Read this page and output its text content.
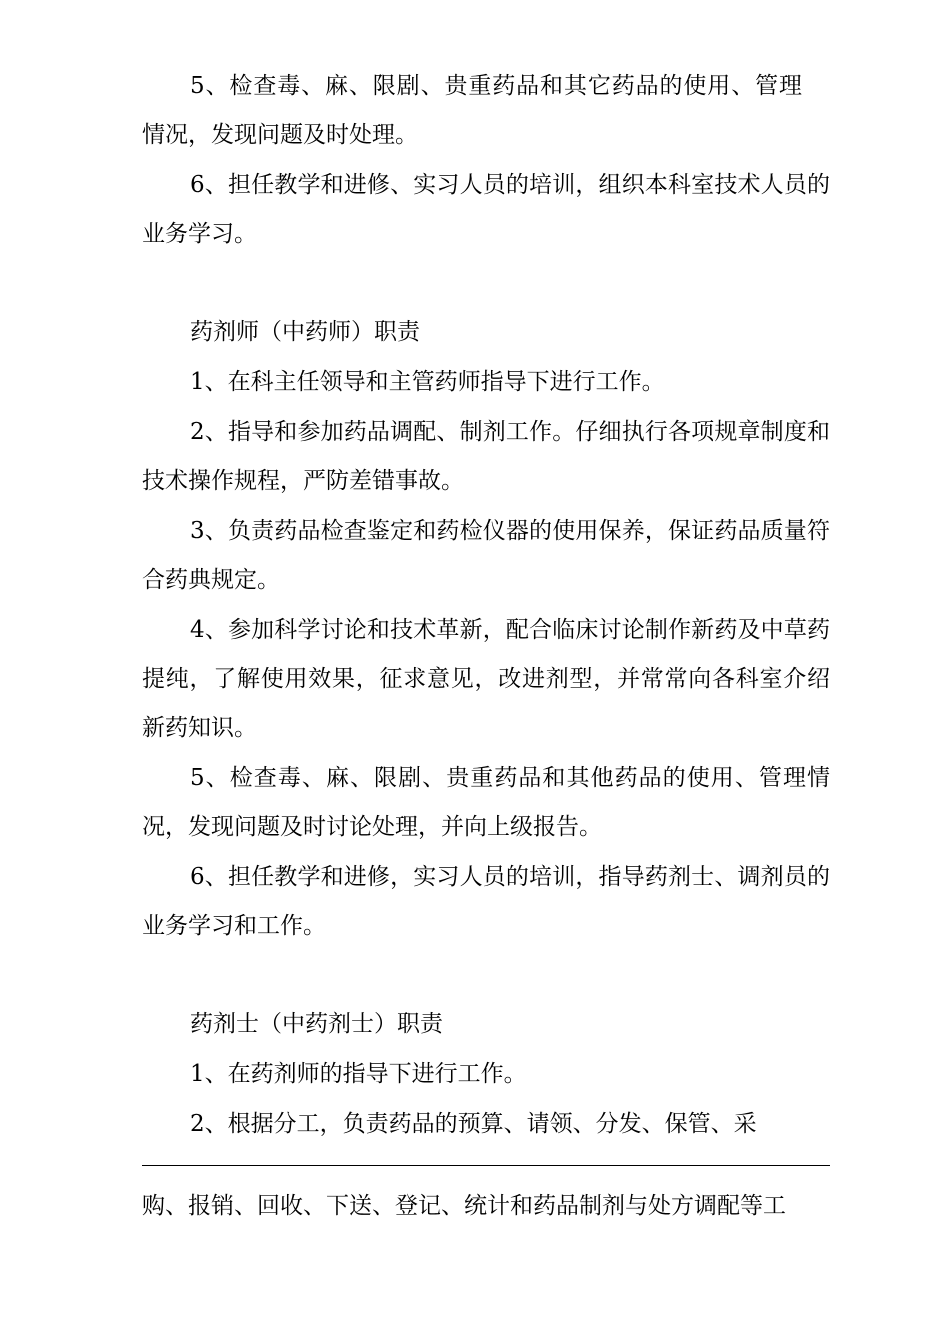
5、检查毒、麻、限剧、贵重药品和其它药品的使用、管理情况，发现问题及时处理。

6、担任教学和进修、实习人员的培训，组织本科室技术人员的业务学习。

药剂师（中药师）职责

1、在科主任领导和主管药师指导下进行工作。

2、指导和参加药品调配、制剂工作。仔细执行各项规章制度和技术操作规程，严防差错事故。

3、负责药品检查鉴定和药检仪器的使用保养，保证药品质量符合药典规定。

4、参加科学讨论和技术革新，配合临床讨论制作新药及中草药提纯，了解使用效果，征求意见，改进剂型，并常常向各科室介绍新药知识。

5、检查毒、麻、限剧、贵重药品和其他药品的使用、管理情况，发现问题及时讨论处理，并向上级报告。

6、担任教学和进修，实习人员的培训，指导药剂士、调剂员的业务学习和工作。

药剂士（中药剂士）职责

1、在药剂师的指导下进行工作。

2、根据分工，负责药品的预算、请领、分发、保管、采

购、报销、回收、下送、登记、统计和药品制剂与处方调配等工
